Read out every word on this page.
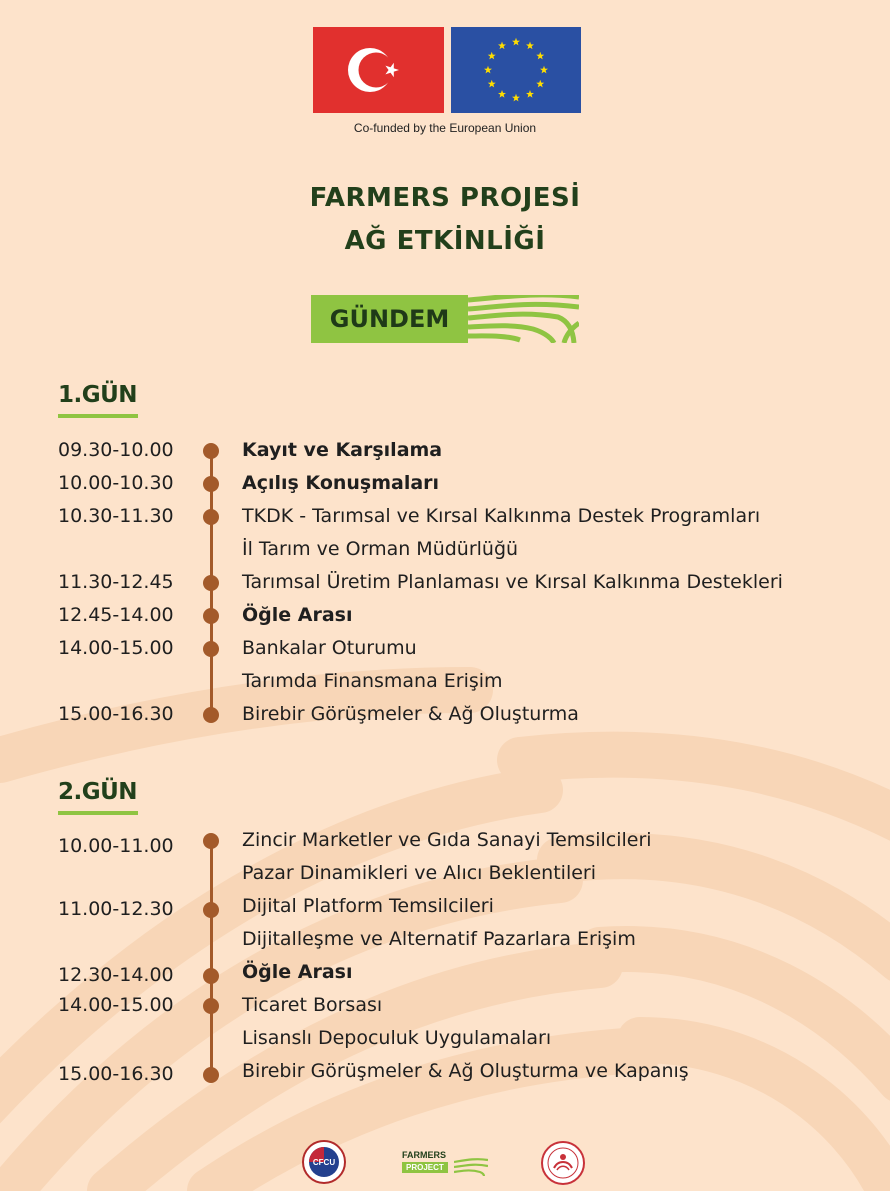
Co-funded by the European Union
FARMERS PROJESİ
AĞ ETKİNLİĞİ
GÜNDEM
1.GÜN
09.30-10.00	Kayıt ve Karşılama
10.00-10.30	Açılış Konuşmaları
10.30-11.30	TKDK - Tarımsal ve Kırsal Kalkınma Destek Programları
İl Tarım ve Orman Müdürlüğü
11.30-12.45	Tarımsal Üretim Planlaması ve Kırsal Kalkınma Destekleri
12.45-14.00	Öğle Arası
14.00-15.00	Bankalar Oturumu
Tarımda Finansmana Erişim
15.00-16.30	Birebir Görüşmeler & Ağ Oluşturma
2.GÜN
10.00-11.00	Zincir Marketler ve Gıda Sanayi Temsilcileri
Pazar Dinamikleri ve Alıcı Beklentileri
11.00-12.30	Dijital Platform Temsilcileri
Dijitalleşme ve Alternatif Pazarlara Erişim
12.30-14.00	Öğle Arası
14.00-15.00	Ticaret Borsası
Lisanslı Depoculuk Uygulamaları
15.00-16.30	Birebir Görüşmeler & Ağ Oluşturma ve Kapanış
CFCU
FARMERS
PROJECT
